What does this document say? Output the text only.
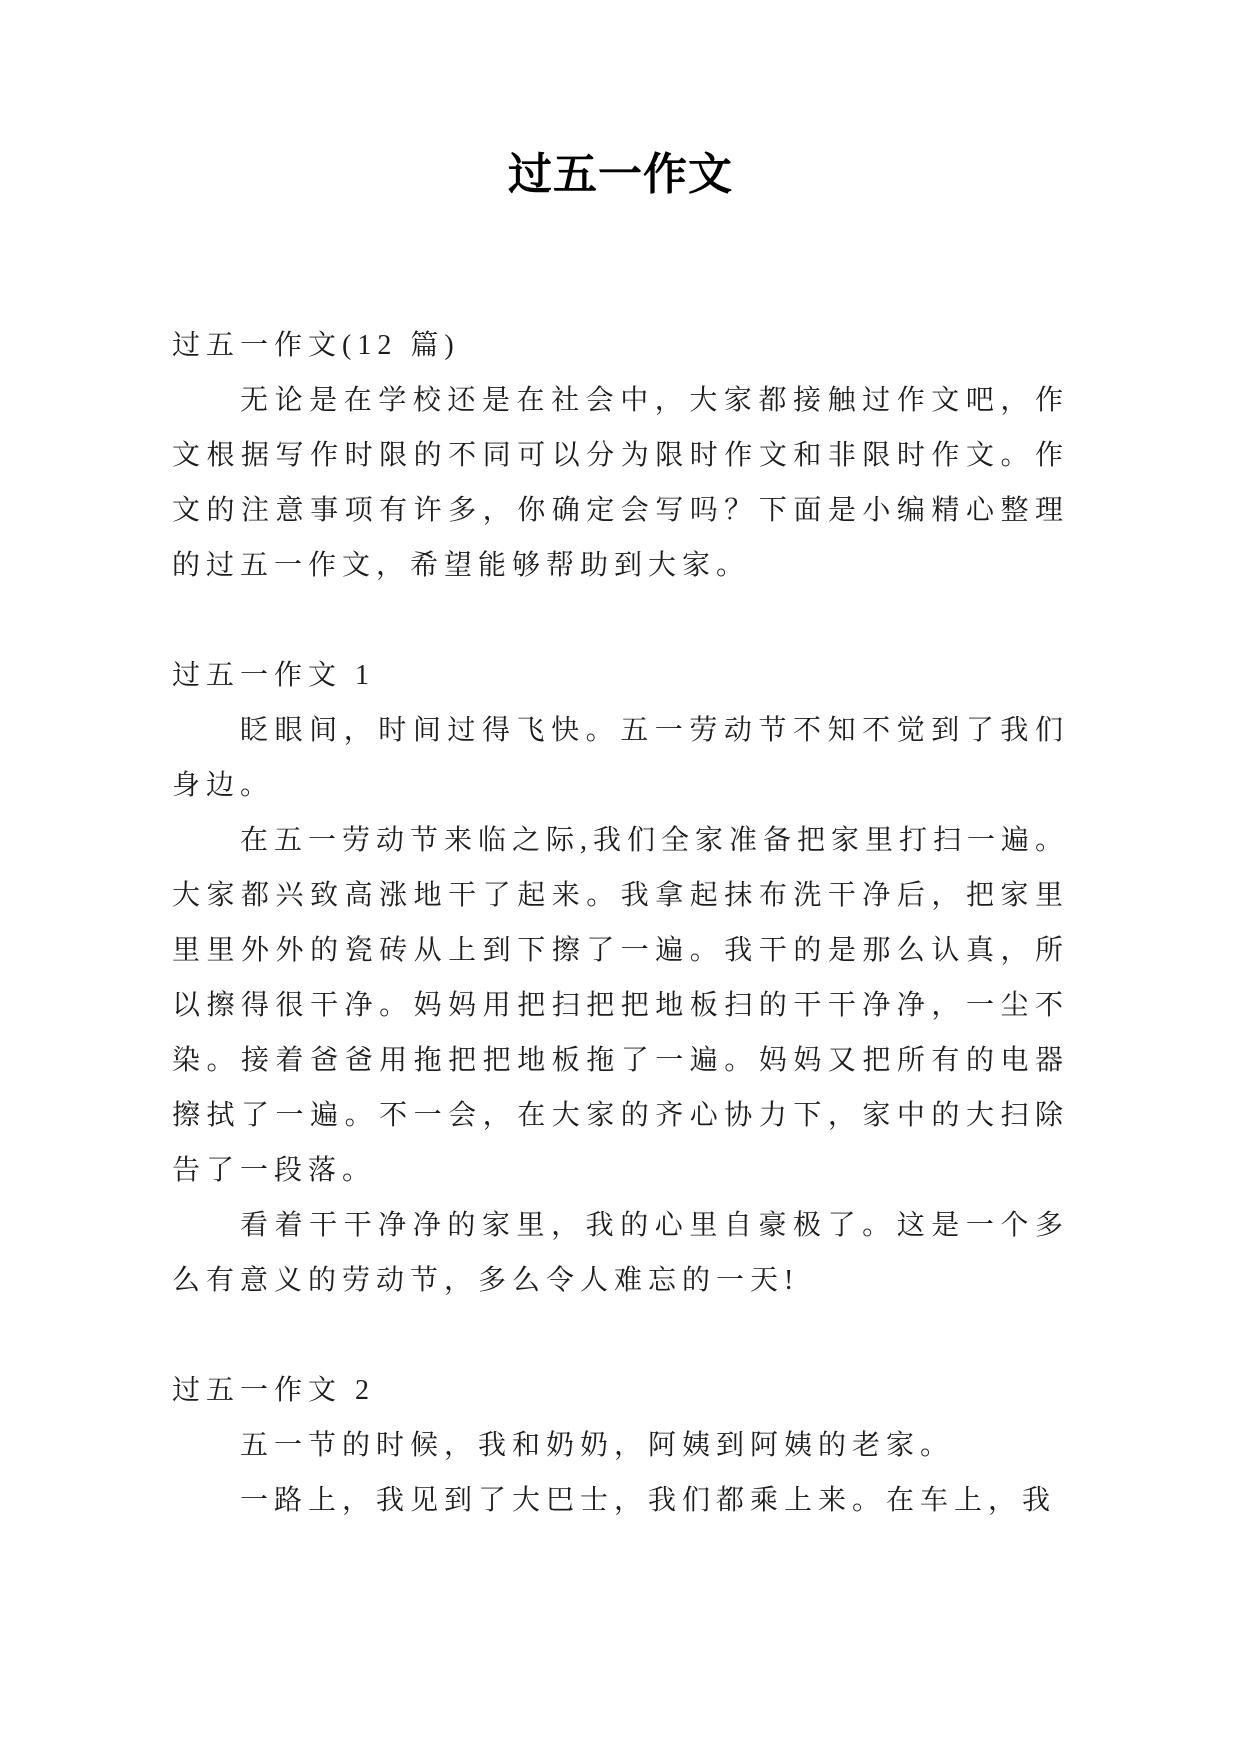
过五一作文

过五一作文(12 篇)

无论是在学校还是在社会中，大家都接触过作文吧，作文根据写作时限的不同可以分为限时作文和非限时作文。作文的注意事项有许多，你确定会写吗？下面是小编精心整理的过五一作文，希望能够帮助到大家。

过五一作文 1

眨眼间，时间过得飞快。五一劳动节不知不觉到了我们身边。

在五一劳动节来临之际,我们全家准备把家里打扫一遍。大家都兴致高涨地干了起来。我拿起抹布洗干净后，把家里里里外外的瓷砖从上到下擦了一遍。我干的是那么认真，所以擦得很干净。妈妈用把扫把把地板扫的干干净净，一尘不染。接着爸爸用拖把把地板拖了一遍。妈妈又把所有的电器擦拭了一遍。不一会，在大家的齐心协力下，家中的大扫除告了一段落。

看着干干净净的家里，我的心里自豪极了。这是一个多么有意义的劳动节，多么令人难忘的一天!

过五一作文 2

五一节的时候，我和奶奶，阿姨到阿姨的老家。

一路上，我见到了大巴士，我们都乘上来。在车上，我
